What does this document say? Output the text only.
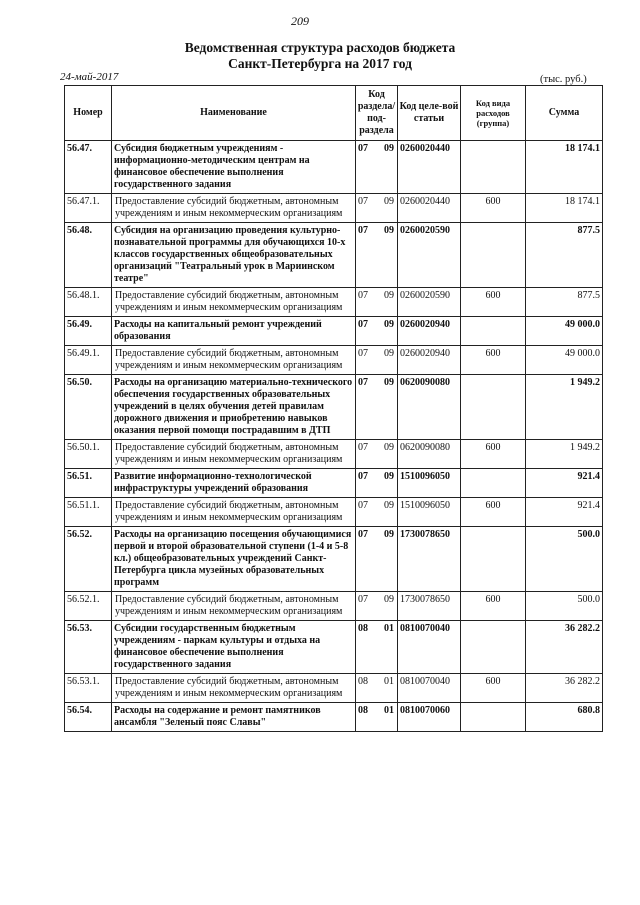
209
Ведомственная структура расходов бюджета
Санкт-Петербурга на 2017 год
24-май-2017	(тыс. руб.)
Номер	Наименование	Код раздела/ под-раздела	Код целе-вой статьи	Код вида расходов (группа)	Сумма
56.47.	Субсидия бюджетным учреждениям - информационно-методическим центрам на финансовое обеспечение выполнения государственного задания	07 09	0260020440		18 174.1
56.47.1.	Предоставление субсидий бюджетным, автономным учреждениям и иным некоммерческим организациям	07 09	0260020440	600	18 174.1
56.48.	Субсидия на организацию проведения культурно-познавательной программы для обучающихся 10-х классов государственных общеобразовательных организаций "Театральный урок в Мариинском театре"	07 09	0260020590		877.5
56.48.1.	Предоставление субсидий бюджетным, автономным учреждениям и иным некоммерческим организациям	07 09	0260020590	600	877.5
56.49.	Расходы на капитальный ремонт учреждений образования	07 09	0260020940		49 000.0
56.49.1.	Предоставление субсидий бюджетным, автономным учреждениям и иным некоммерческим организациям	07 09	0260020940	600	49 000.0
56.50.	Расходы на организацию материально-технического обеспечения государственных образовательных учреждений в целях обучения детей правилам дорожного движения и приобретению навыков оказания первой помощи пострадавшим в ДТП	07 09	0620090080		1 949.2
56.50.1.	Предоставление субсидий бюджетным, автономным учреждениям и иным некоммерческим организациям	07 09	0620090080	600	1 949.2
56.51.	Развитие информационно-технологической инфраструктуры учреждений образования	07 09	1510096050		921.4
56.51.1.	Предоставление субсидий бюджетным, автономным учреждениям и иным некоммерческим организациям	07 09	1510096050	600	921.4
56.52.	Расходы на организацию посещения обучающимися первой и второй образовательной ступени (1-4 и 5-8 кл.) общеобразовательных учреждений Санкт-Петербурга цикла музейных образовательных программ	07 09	1730078650		500.0
56.52.1.	Предоставление субсидий бюджетным, автономным учреждениям и иным некоммерческим организациям	07 09	1730078650	600	500.0
56.53.	Субсидии государственным бюджетным учреждениям - паркам культуры и отдыха на финансовое обеспечение выполнения государственного задания	08 01	0810070040		36 282.2
56.53.1.	Предоставление субсидий бюджетным, автономным учреждениям и иным некоммерческим организациям	08 01	0810070040	600	36 282.2
56.54.	Расходы на содержание и ремонт памятников ансамбля "Зеленый пояс Славы"	08 01	0810070060		680.8
